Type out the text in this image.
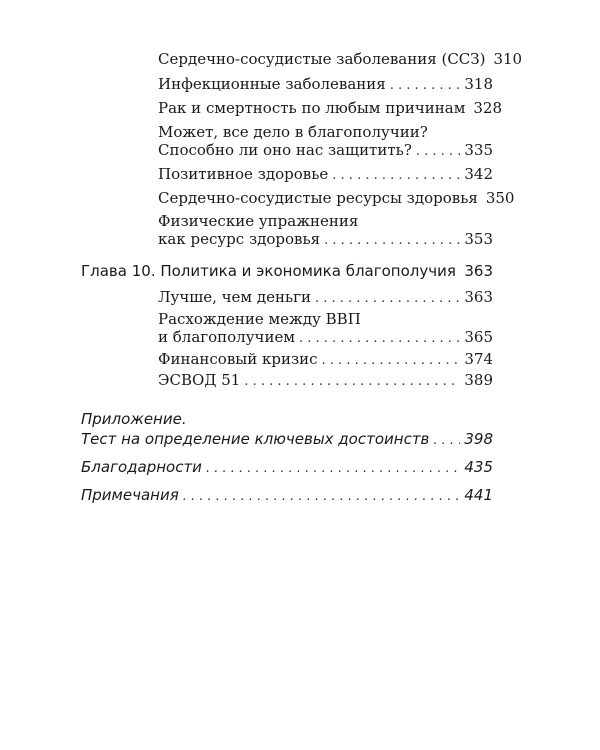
Сердечно-сосудистые заболевания (ССЗ) 310
Инфекционные заболевания . . .	318
Рак и смертность по любым причинам 328
Может, все дело в благополучии?
Способно ли оно нас защитить? . . .	335
Позитивное здоровье . . .	342
Сердечно-сосудистые ресурсы здоровья 350
Физические упражнения
как ресурс здоровья . . .	353
Глава 10. Политика и экономика благополучия . . . 363
Лучше, чем деньги . . .	363
Расхождение между ВВП
и благополучием . . .	365
Финансовый кризис . . .	374
ЭСВОД 51 . . .	389
Приложение.
Тест на определение ключевых достоинств . . . 398
Благодарности . . .	435
Примечания . . .	441
